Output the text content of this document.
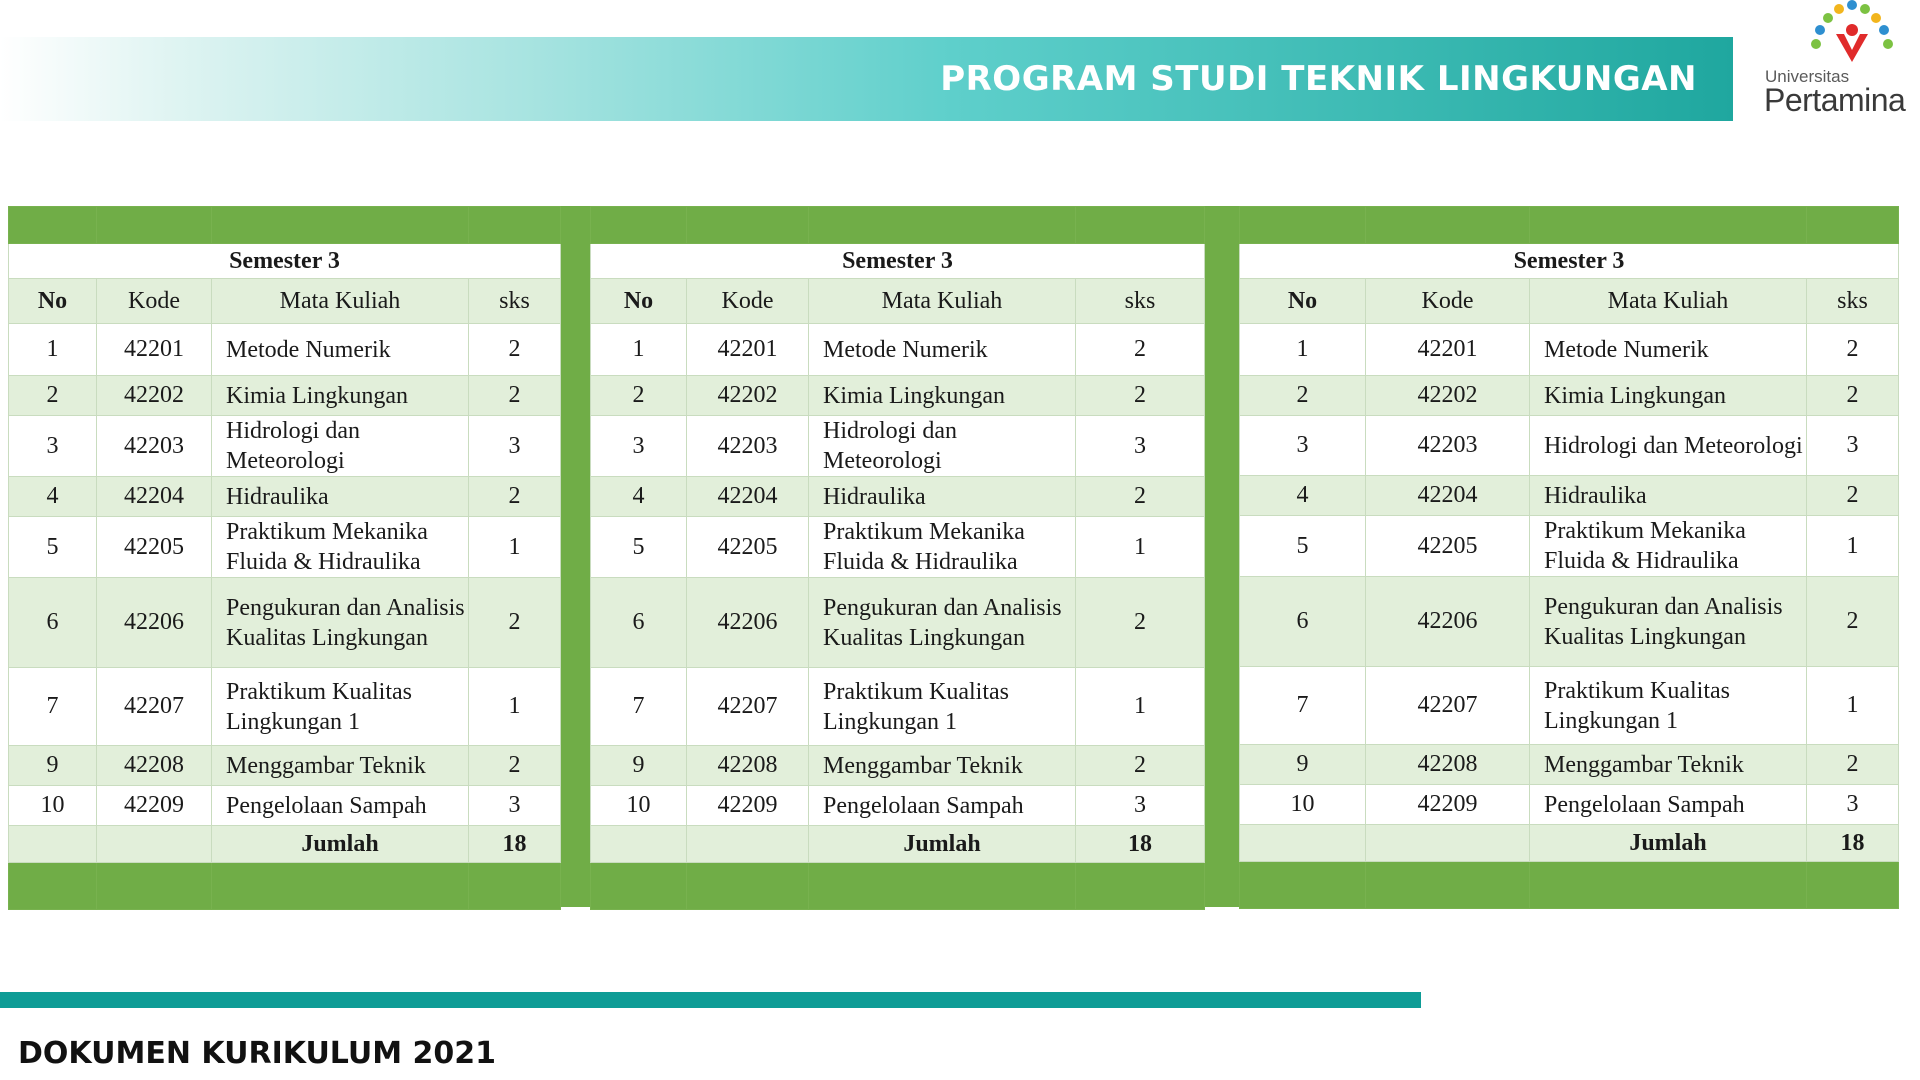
PROGRAM STUDI TEKNIK LINGKUNGAN	Universitas
Pertamina

Semester 3			
No	Kode	Mata Kuliah	sks
1	42201	Metode Numerik	2
2	42202	Kimia Lingkungan	2
3	42203	Hidrologi dan Meteorologi	3
4	42204	Hidraulika	2
5	42205	Praktikum Mekanika Fluida & Hidraulika	1
6	42206	Pengukuran dan Analisis Kualitas Lingkungan	2
7	42207	Praktikum Kualitas Lingkungan 1	1
9	42208	Menggambar Teknik	2
10	42209	Pengelolaan Sampah	3
		Jumlah	18

Semester 3			
No	Kode	Mata Kuliah	sks
1	42201	Metode Numerik	2
2	42202	Kimia Lingkungan	2
3	42203	Hidrologi dan Meteorologi	3
4	42204	Hidraulika	2
5	42205	Praktikum Mekanika Fluida & Hidraulika	1
6	42206	Pengukuran dan Analisis Kualitas Lingkungan	2
7	42207	Praktikum Kualitas Lingkungan 1	1
9	42208	Menggambar Teknik	2
10	42209	Pengelolaan Sampah	3
		Jumlah	18

Semester 3			
No	Kode	Mata Kuliah	sks
1	42201	Metode Numerik	2
2	42202	Kimia Lingkungan	2
3	42203	Hidrologi dan Meteorologi	3
4	42204	Hidraulika	2
5	42205	Praktikum Mekanika Fluida & Hidraulika	1
6	42206	Pengukuran dan Analisis Kualitas Lingkungan	2
7	42207	Praktikum Kualitas Lingkungan 1	1
9	42208	Menggambar Teknik	2
10	42209	Pengelolaan Sampah	3
		Jumlah	18

DOKUMEN KURIKULUM 2021
